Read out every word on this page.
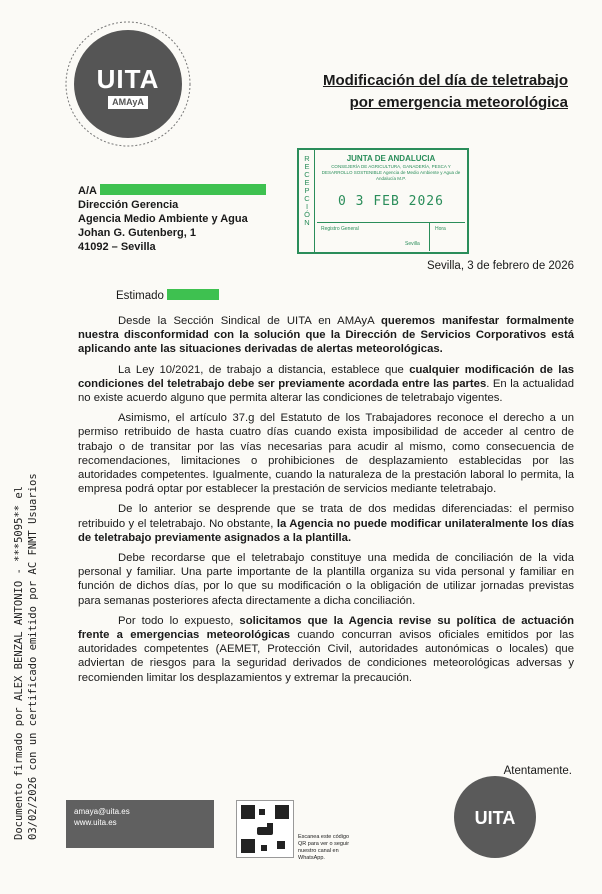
UITA
AMAyA
Modificación del día de teletrabajo
por emergencia meteorológica
RECEPCIÓN	JUNTA DE ANDALUCIA
CONSEJERÍA DE AGRICULTURA, GANADERÍA, PESCA Y DESARROLLO SOSTENIBLE Agencia de Medio Ambiente y Agua de Andalucía M.P.
0 3 FEB 2026
Registro General	Hora
Sevilla
A/A
Dirección Gerencia
Agencia Medio Ambiente y Agua
Johan G. Gutenberg, 1
41092 – Sevilla
Sevilla, 3 de febrero de 2026
Estimado

Desde la Sección Sindical de UITA en AMAyA queremos manifestar formalmente nuestra disconformidad con la solución que la Dirección de Servicios Corporativos está aplicando ante las situaciones derivadas de alertas meteorológicas.

La Ley 10/2021, de trabajo a distancia, establece que cualquier modificación de las condiciones del teletrabajo debe ser previamente acordada entre las partes. En la actualidad no existe acuerdo alguno que permita alterar las condiciones de teletrabajo vigentes.

Asimismo, el artículo 37.g del Estatuto de los Trabajadores reconoce el derecho a un permiso retribuido de hasta cuatro días cuando exista imposibilidad de acceder al centro de trabajo o de transitar por las vías necesarias para acudir al mismo, como consecuencia de recomendaciones, limitaciones o prohibiciones de desplazamiento establecidas por las autoridades competentes. Igualmente, cuando la naturaleza de la prestación laboral lo permita, la empresa podrá optar por establecer la prestación de servicios mediante teletrabajo.

De lo anterior se desprende que se trata de dos medidas diferenciadas: el permiso retribuido y el teletrabajo. No obstante, la Agencia no puede modificar unilateralmente los días de teletrabajo previamente asignados a la plantilla.

Debe recordarse que el teletrabajo constituye una medida de conciliación de la vida personal y familiar. Una parte importante de la plantilla organiza su vida personal y familiar en función de dichos días, por lo que su modificación o la obligación de utilizar jornadas previstas para semanas posteriores afecta directamente a dicha conciliación.

Por todo lo expuesto, solicitamos que la Agencia revise su política de actuación frente a emergencias meteorológicas cuando concurran avisos oficiales emitidos por las autoridades competentes (AEMET, Protección Civil, autoridades autonómicas o locales) que adviertan de riesgos para la seguridad derivados de condiciones meteorológicas adversas y recomienden limitar los desplazamientos y extremar la precaución.

Atentamente.
Documento firmado por ALEX BENZAL ANTONIO - ***5095** el 03/02/2026 con un certificado emitido por AC FNMT Usuarios	amaya@uita.es
www.uita.es
Escanea este código QR para ver o seguir nuestro canal en WhatsApp.
UITA
